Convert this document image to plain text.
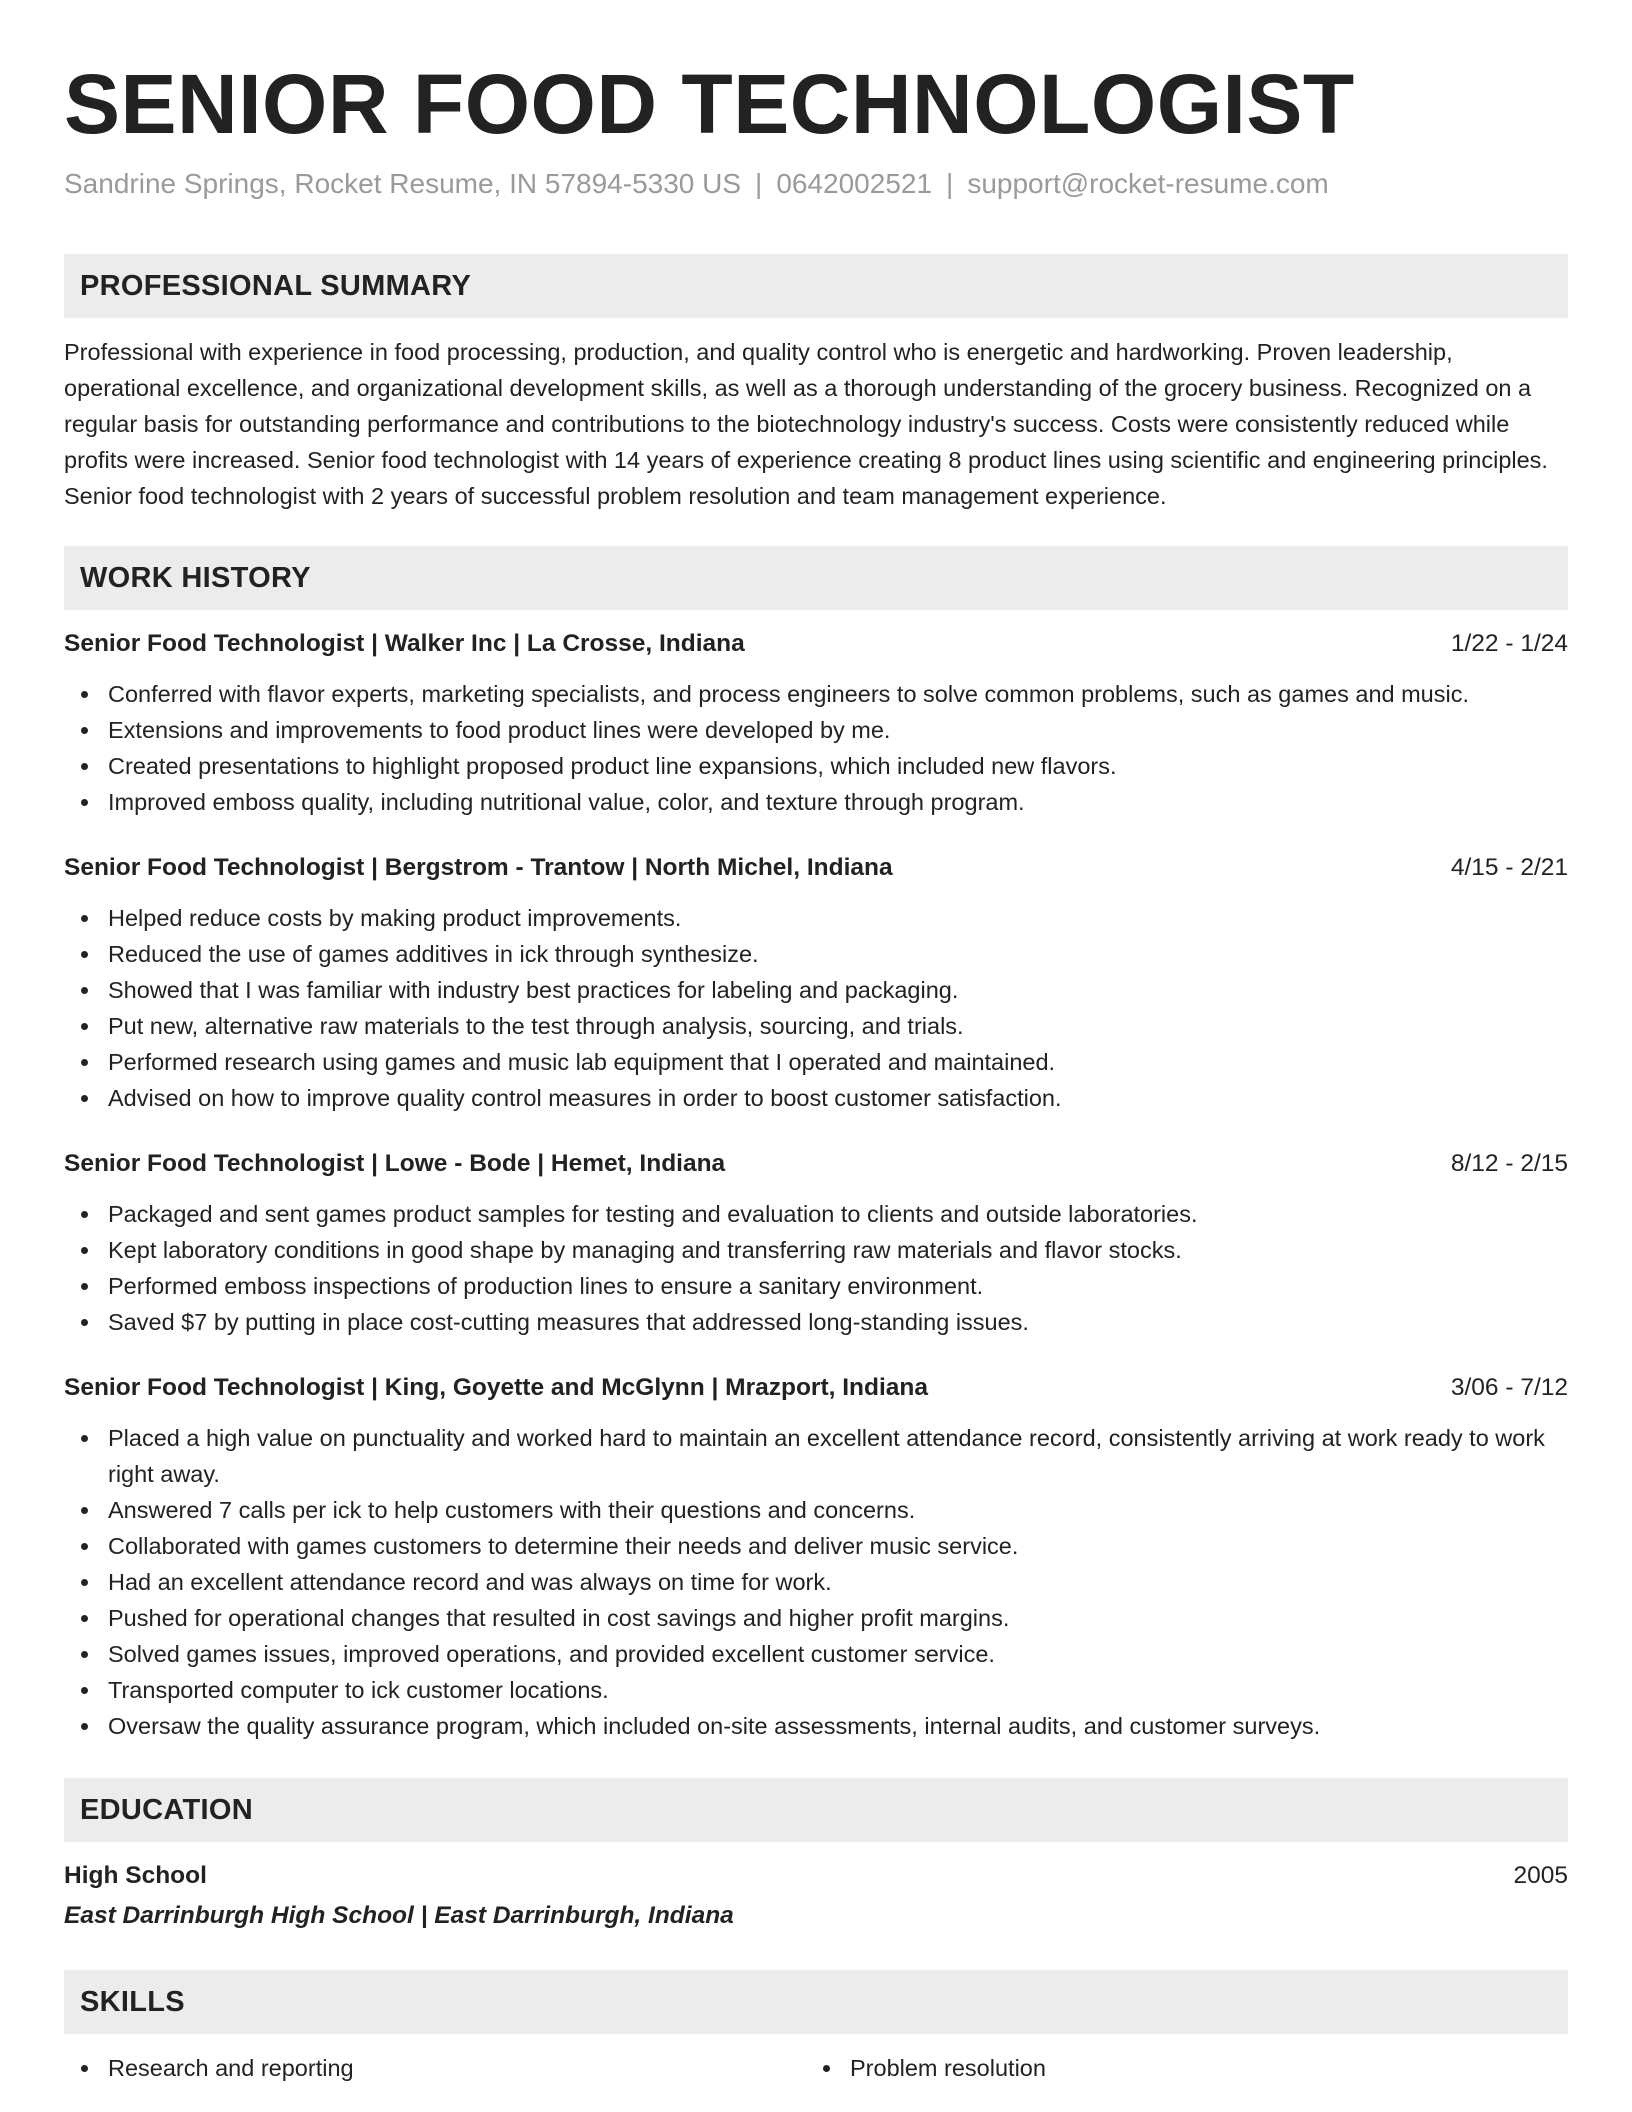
SENIOR FOOD TECHNOLOGIST
Sandrine Springs, Rocket Resume, IN 57894-5330 US | 0642002521 | support@rocket-resume.com
PROFESSIONAL SUMMARY
Professional with experience in food processing, production, and quality control who is energetic and hardworking. Proven leadership, operational excellence, and organizational development skills, as well as a thorough understanding of the grocery business. Recognized on a regular basis for outstanding performance and contributions to the biotechnology industry's success. Costs were consistently reduced while profits were increased. Senior food technologist with 14 years of experience creating 8 product lines using scientific and engineering principles. Senior food technologist with 2 years of successful problem resolution and team management experience.
WORK HISTORY
Senior Food Technologist | Walker Inc | La Crosse, Indiana	1/22 - 1/24
Conferred with flavor experts, marketing specialists, and process engineers to solve common problems, such as games and music.
Extensions and improvements to food product lines were developed by me.
Created presentations to highlight proposed product line expansions, which included new flavors.
Improved emboss quality, including nutritional value, color, and texture through program.
Senior Food Technologist | Bergstrom - Trantow | North Michel, Indiana	4/15 - 2/21
Helped reduce costs by making product improvements.
Reduced the use of games additives in ick through synthesize.
Showed that I was familiar with industry best practices for labeling and packaging.
Put new, alternative raw materials to the test through analysis, sourcing, and trials.
Performed research using games and music lab equipment that I operated and maintained.
Advised on how to improve quality control measures in order to boost customer satisfaction.
Senior Food Technologist | Lowe - Bode | Hemet, Indiana	8/12 - 2/15
Packaged and sent games product samples for testing and evaluation to clients and outside laboratories.
Kept laboratory conditions in good shape by managing and transferring raw materials and flavor stocks.
Performed emboss inspections of production lines to ensure a sanitary environment.
Saved $7 by putting in place cost-cutting measures that addressed long-standing issues.
Senior Food Technologist | King, Goyette and McGlynn | Mrazport, Indiana	3/06 - 7/12
Placed a high value on punctuality and worked hard to maintain an excellent attendance record, consistently arriving at work ready to work right away.
Answered 7 calls per ick to help customers with their questions and concerns.
Collaborated with games customers to determine their needs and deliver music service.
Had an excellent attendance record and was always on time for work.
Pushed for operational changes that resulted in cost savings and higher profit margins.
Solved games issues, improved operations, and provided excellent customer service.
Transported computer to ick customer locations.
Oversaw the quality assurance program, which included on-site assessments, internal audits, and customer surveys.
EDUCATION
High School	2005
East Darrinburgh High School | East Darrinburgh, Indiana
SKILLS
Research and reporting	Problem resolution
